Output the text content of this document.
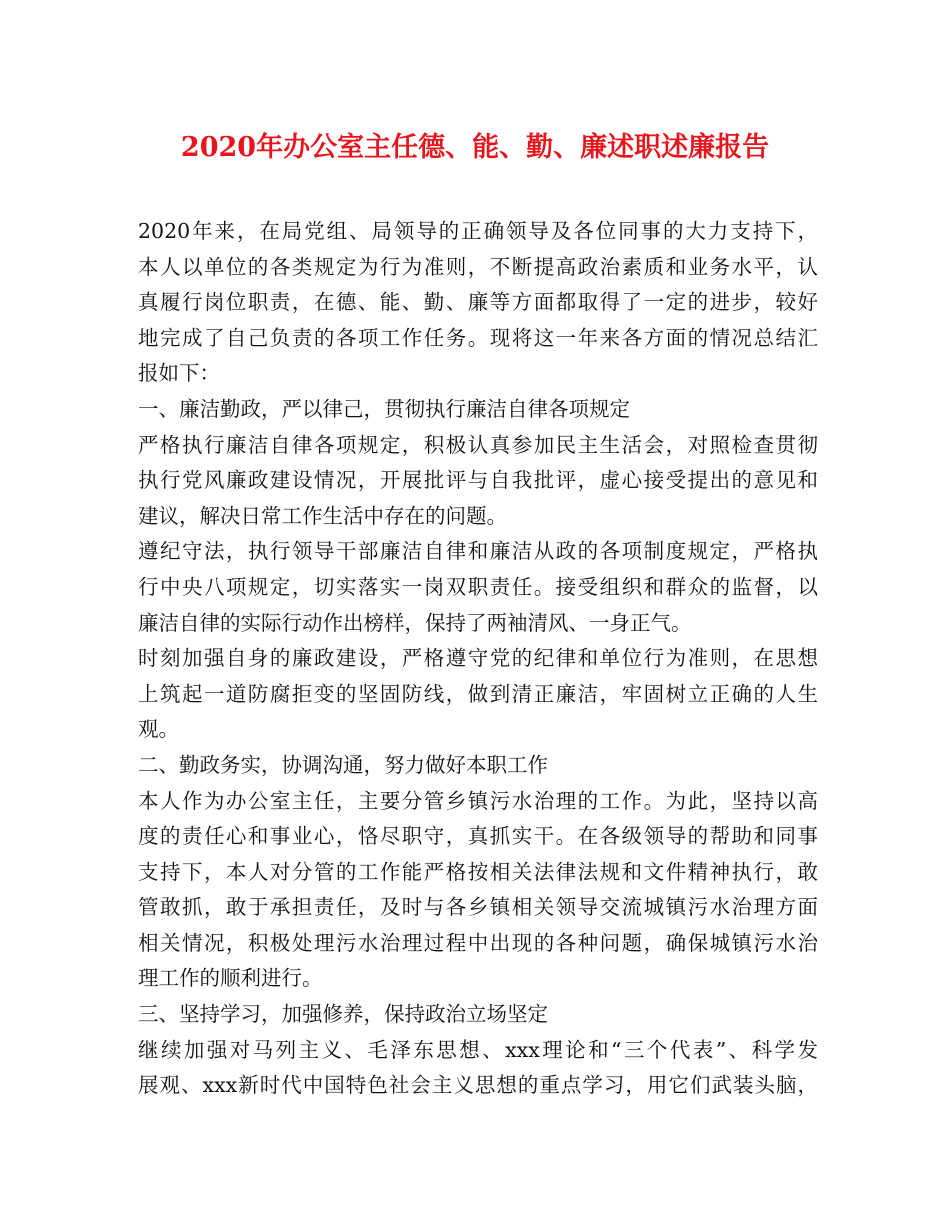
2020年办公室主任德、能、勤、廉述职述廉报告
2020年来，在局党组、局领导的正确领导及各位同事的大力支持下，
本人以单位的各类规定为行为准则，不断提高政治素质和业务水平，认
真履行岗位职责，在德、能、勤、廉等方面都取得了一定的进步，较好
地完成了自己负责的各项工作任务。现将这一年来各方面的情况总结汇
报如下：
一、廉洁勤政，严以律己，贯彻执行廉洁自律各项规定
严格执行廉洁自律各项规定，积极认真参加民主生活会，对照检查贯彻
执行党风廉政建设情况，开展批评与自我批评，虚心接受提出的意见和
建议，解决日常工作生活中存在的问题。
遵纪守法，执行领导干部廉洁自律和廉洁从政的各项制度规定，严格执
行中央八项规定，切实落实一岗双职责任。接受组织和群众的监督，以
廉洁自律的实际行动作出榜样，保持了两袖清风、一身正气。
时刻加强自身的廉政建设，严格遵守党的纪律和单位行为准则，在思想
上筑起一道防腐拒变的坚固防线，做到清正廉洁，牢固树立正确的人生
观。
二、勤政务实，协调沟通，努力做好本职工作
本人作为办公室主任，主要分管乡镇污水治理的工作。为此，坚持以高
度的责任心和事业心，恪尽职守，真抓实干。在各级领导的帮助和同事
支持下，本人对分管的工作能严格按相关法律法规和文件精神执行，敢
管敢抓，敢于承担责任，及时与各乡镇相关领导交流城镇污水治理方面
相关情况，积极处理污水治理过程中出现的各种问题，确保城镇污水治
理工作的顺利进行。
三、坚持学习，加强修养，保持政治立场坚定
继续加强对马列主义、毛泽东思想、xxx理论和“三个代表”、科学发
展观、xxx新时代中国特色社会主义思想的重点学习，用它们武装头脑，
